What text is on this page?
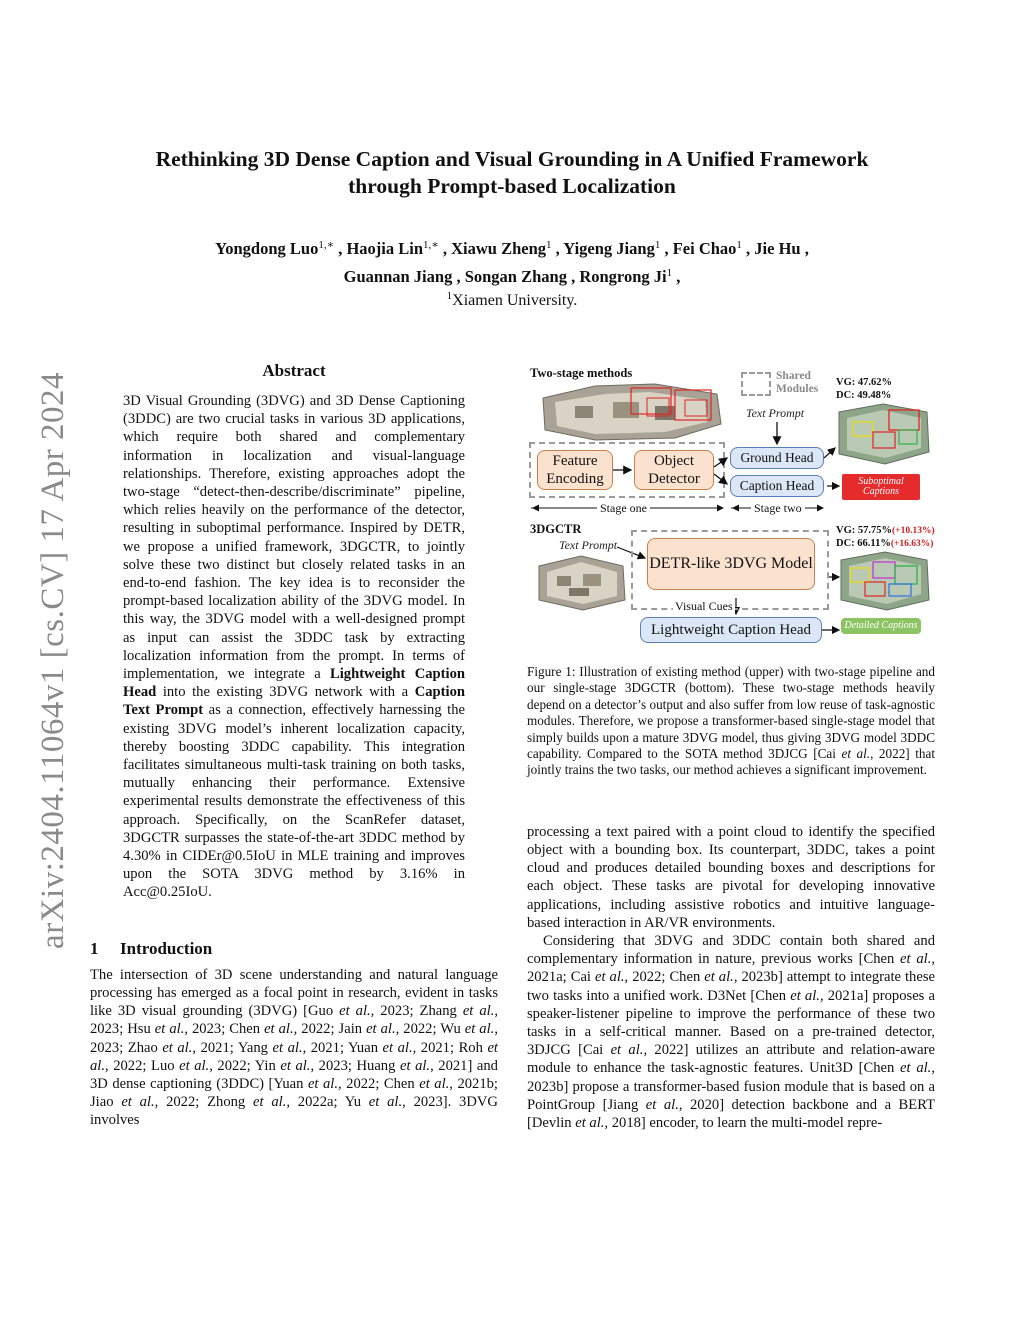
arXiv:2404.11064v1 [cs.CV] 17 Apr 2024
Rethinking 3D Dense Caption and Visual Grounding in A Unified Framework
through Prompt-based Localization
Yongdong Luo$^{1,∗}$ , Haojia Lin$^{1,∗}$ , Xiawu Zheng$^1$ , Yigeng Jiang$^1$ , Fei Chao$^1$ , Jie Hu ,
Guannan Jiang , Songan Zhang , Rongrong Ji$^1$ ,
$^1$Xiamen University.
Abstract
3D Visual Grounding (3DVG) and 3D Dense Captioning (3DDC) are two crucial tasks in various 3D applications, which require both shared and complementary information in localization and visual-language relationships. Therefore, existing approaches adopt the two-stage “detect-then-describe/discriminate” pipeline, which relies heavily on the performance of the detector, resulting in suboptimal performance. Inspired by DETR, we propose a unified framework, 3DGCTR, to jointly solve these two distinct but closely related tasks in an end-to-end fashion. The key idea is to reconsider the prompt-based localization ability of the 3DVG model. In this way, the 3DVG model with a well-designed prompt as input can assist the 3DDC task by extracting localization information from the prompt. In terms of implementation, we integrate a Lightweight Caption Head into the existing 3DVG network with a Caption Text Prompt as a connection, effectively harnessing the existing 3DVG model’s inherent localization capacity, thereby boosting 3DDC capability. This integration facilitates simultaneous multi-task training on both tasks, mutually enhancing their performance. Extensive experimental results demonstrate the effectiveness of this approach. Specifically, on the ScanRefer dataset, 3DGCTR surpasses the state-of-the-art 3DDC method by 4.30% in CIDEr@0.5IoU in MLE training and improves upon the SOTA 3DVG method by 3.16% in Acc@0.25IoU.
1 Introduction
The intersection of 3D scene understanding and natural language processing has emerged as a focal point in research, evident in tasks like 3D visual grounding (3DVG) [Guo et al., 2023; Zhang et al., 2023; Hsu et al., 2023; Chen et al., 2022; Jain et al., 2022; Wu et al., 2023; Zhao et al., 2021; Yang et al., 2021; Yuan et al., 2021; Roh et al., 2022; Luo et al., 2022; Yin et al., 2023; Huang et al., 2021] and 3D dense captioning (3DDC) [Yuan et al., 2022; Chen et al., 2021b; Jiao et al., 2022; Zhong et al., 2022a; Yu et al., 2023]. 3DVG involves
Two-stage methods	Shared Modules
Text Prompt
Feature Encoding
Object Detector
Ground Head
Caption Head
Stage one	Stage two
VG: 47.62%
DC: 49.48%
Suboptimal Captions
3DGCTR
Text Prompt
DETR-like 3DVG Model
Visual Cues
Lightweight Caption Head
VG: 57.75%(+10.13%)
DC: 66.11%(+16.63%)
Detailed Captions
Figure 1: Illustration of existing method (upper) with two-stage pipeline and our single-stage 3DGCTR (bottom). These two-stage methods heavily depend on a detector’s output and also suffer from low reuse of task-agnostic modules. Therefore, we propose a transformer-based single-stage model that simply builds upon a mature 3DVG model, thus giving 3DVG model 3DDC capability. Compared to the SOTA method 3DJCG [Cai et al., 2022] that jointly trains the two tasks, our method achieves a significant improvement.

processing a text paired with a point cloud to identify the specified object with a bounding box. Its counterpart, 3DDC, takes a point cloud and produces detailed bounding boxes and descriptions for each object. These tasks are pivotal for developing innovative applications, including assistive robotics and intuitive language-based interaction in AR/VR environments.

Considering that 3DVG and 3DDC contain both shared and complementary information in nature, previous works [Chen et al., 2021a; Cai et al., 2022; Chen et al., 2023b] attempt to integrate these two tasks into a unified work. D3Net [Chen et al., 2021a] proposes a speaker-listener pipeline to improve the performance of these two tasks in a self-critical manner. Based on a pre-trained detector, 3DJCG [Cai et al., 2022] utilizes an attribute and relation-aware module to enhance the task-agnostic features. Unit3D [Chen et al., 2023b] propose a transformer-based fusion module that is based on a PointGroup [Jiang et al., 2020] detection backbone and a BERT [Devlin et al., 2018] encoder, to learn the multi-model repre-
